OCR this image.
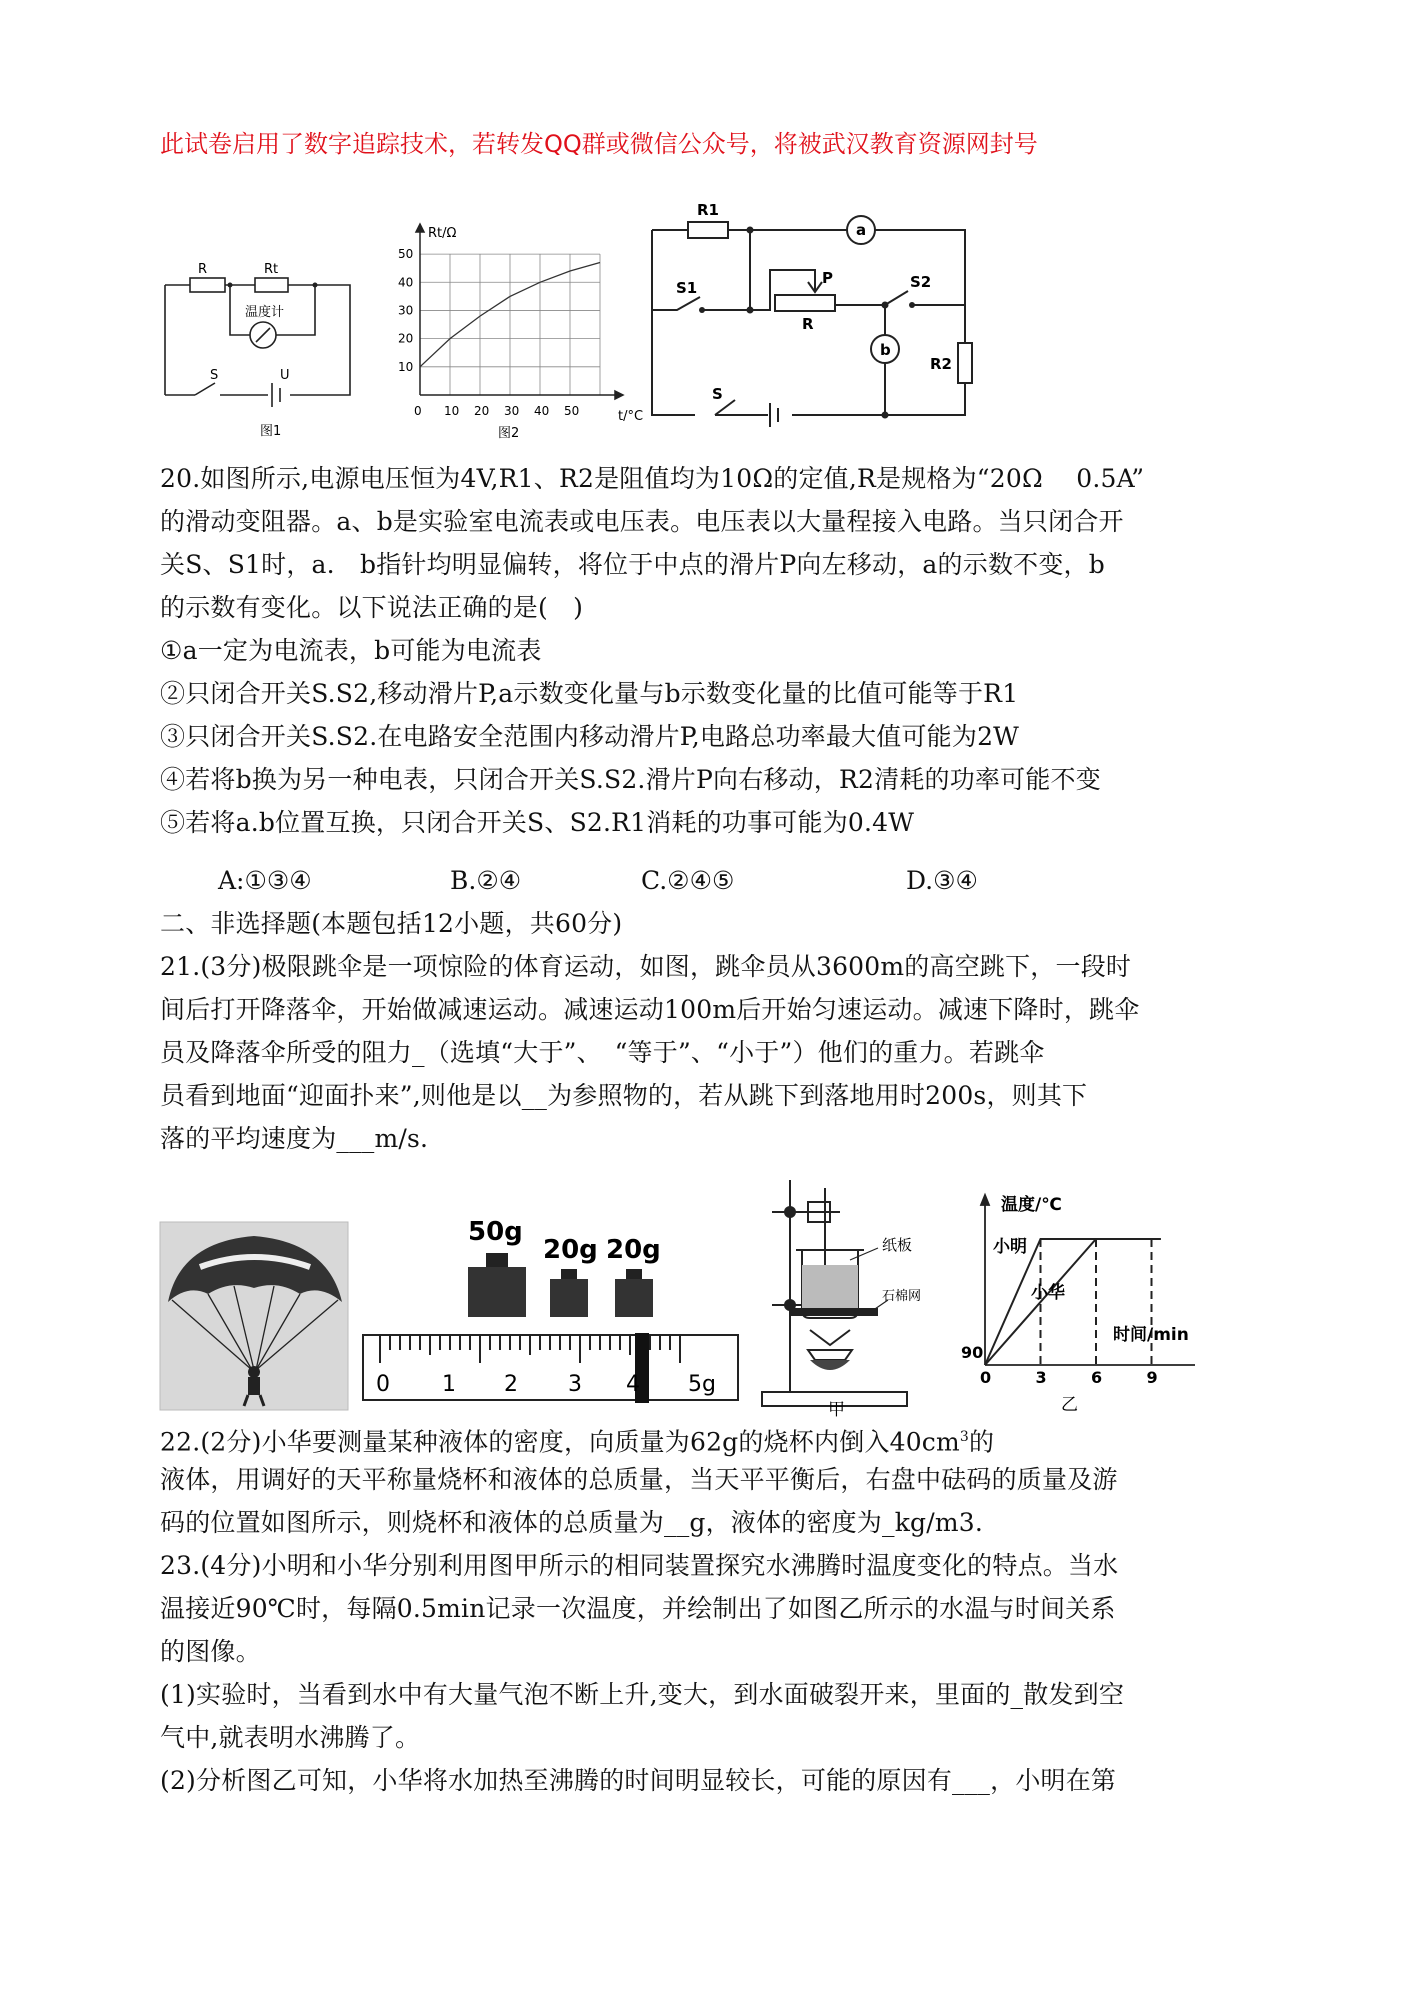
此试卷启用了数字追踪技术，若转发QQ群或微信公众号，将被武汉教育资源网封号
R	Rt
温度计
S	U
图1
10
20
30
40
50
0 10 20 30 40 50
Rt/Ω
t/°C
图2
R1
a
S1
P
R
S2
b
R2
S
20.如图所示,电源电压恒为4V,R1、R2是阻值均为10Ω的定值,R是规格为“20Ω　 0.5A”
的滑动变阻器。a、b是实验室电流表或电压表。电压表以大量程接入电路。当只闭合开
关S、S1时，a.　b指针均明显偏转，将位于中点的滑片P向左移动，a的示数不变，b
的示数有变化。以下说法正确的是(　)
①a一定为电流表，b可能为电流表
②只闭合开关S.S2,移动滑片P,a示数变化量与b示数变化量的比值可能等于R1
③只闭合开关S.S2.在电路安全范围内移动滑片P,电路总功率最大值可能为2W
④若将b换为另一种电表，只闭合开关S.S2.滑片P向右移动，R2清耗的功率可能不变
⑤若将a.b位置互换，只闭合开关S、S2.R1消耗的功事可能为0.4W
A:①③④	B.②④	C.②④⑤	D.③④
二、非选择题(本题包括12小题，共60分)
21.(3分)极限跳伞是一项惊险的体育运动，如图，跳伞员从3600m的高空跳下，一段时
间后打开降落伞，开始做减速运动。减速运动100m后开始匀速运动。减速下降时，跳伞
员及降落伞所受的阻力_（选填“大于”、　“等于”、“小于”）他们的重力。若跳伞
员看到地面“迎面扑来”,则他是以__为参照物的，若从跳下到落地用时200s，则其下
落的平均速度为___m/s.
50g
20g 20g
0 1 2 3 4 5g
纸板
石棉网
甲
0	3	6	9
温度/℃
时间/min
小明
小华
90
乙
22.(2分)小华要测量某种液体的密度，向质量为62g的烧杯内倒入$40cm^3$的
液体，用调好的天平称量烧杯和液体的总质量，当天平平衡后，右盘中砝码的质量及游
码的位置如图所示，则烧杯和液体的总质量为__g，液体的密度为_kg/m3.
23.(4分)小明和小华分别利用图甲所示的相同装置探究水沸腾时温度变化的特点。当水
温接近90℃时，每隔0.5min记录一次温度，并绘制出了如图乙所示的水温与时间关系
的图像。
(1)实验时，当看到水中有大量气泡不断上升,变大，到水面破裂开来，里面的_散发到空
气中,就表明水沸腾了。
(2)分析图乙可知，小华将水加热至沸腾的时间明显较长，可能的原因有___，小明在第
